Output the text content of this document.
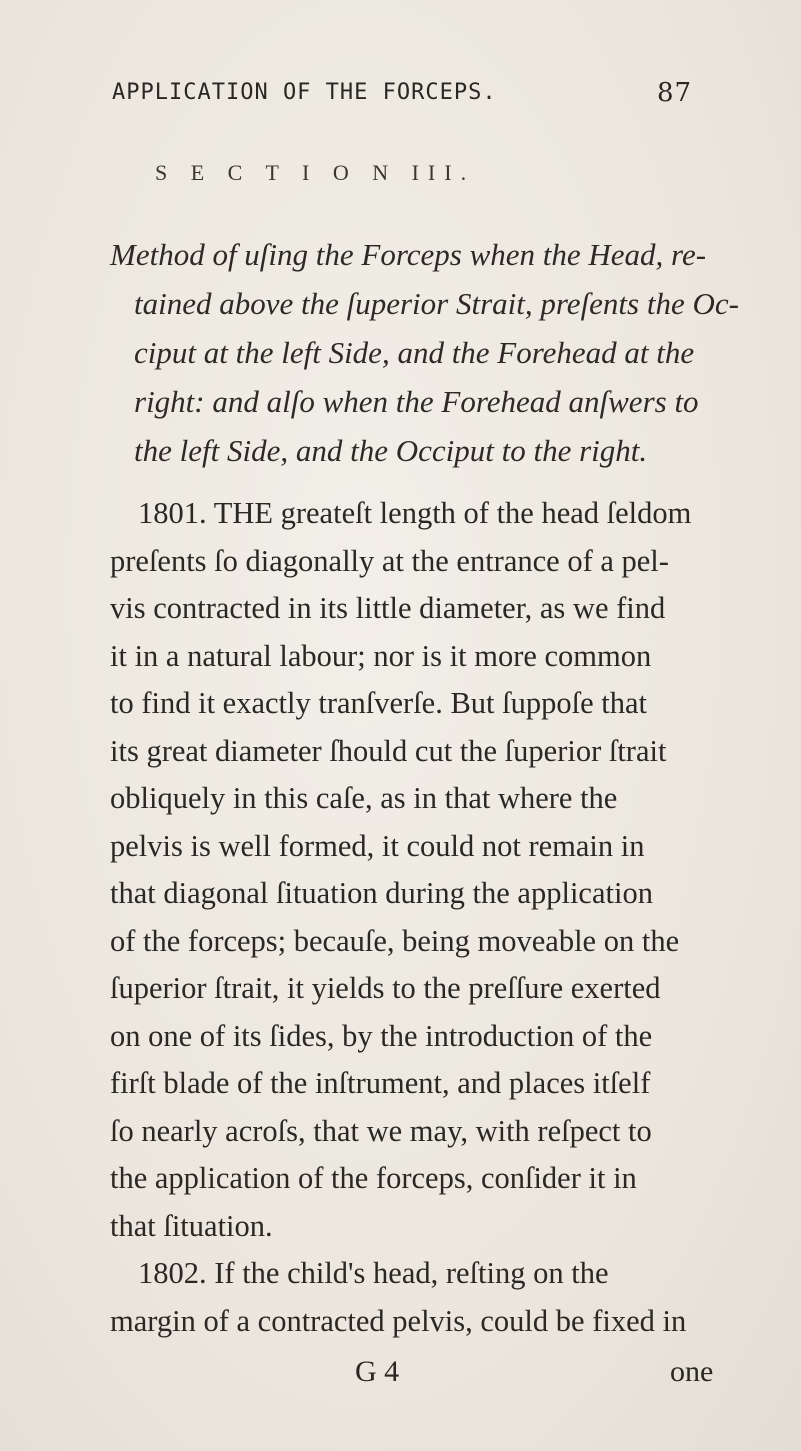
APPLICATION OF THE FORCEPS.	87
S E C T I O N III.
Method of uſing the Forceps when the Head, re-
tained above the ſuperior Strait, preſents the Oc-
ciput at the left Side, and the Forehead at the
right: and alſo when the Forehead anſwers to
the left Side, and the Occiput to the right.
1801. THE greateſt length of the head ſeldom
preſents ſo diagonally at the entrance of a pel-
vis contracted in its little diameter, as we find
it in a natural labour; nor is it more common
to find it exactly tranſverſe. But ſuppoſe that
its great diameter ſhould cut the ſuperior ſtrait
obliquely in this caſe, as in that where the
pelvis is well formed, it could not remain in
that diagonal ſituation during the application
of the forceps; becauſe, being moveable on the
ſuperior ſtrait, it yields to the preſſure exerted
on one of its ſides, by the introduction of the
firſt blade of the inſtrument, and places itſelf
ſo nearly acroſs, that we may, with reſpect to
the application of the forceps, conſider it in
that ſituation.
1802. If the child's head, reſting on the
margin of a contracted pelvis, could be fixed in
G 4	one
